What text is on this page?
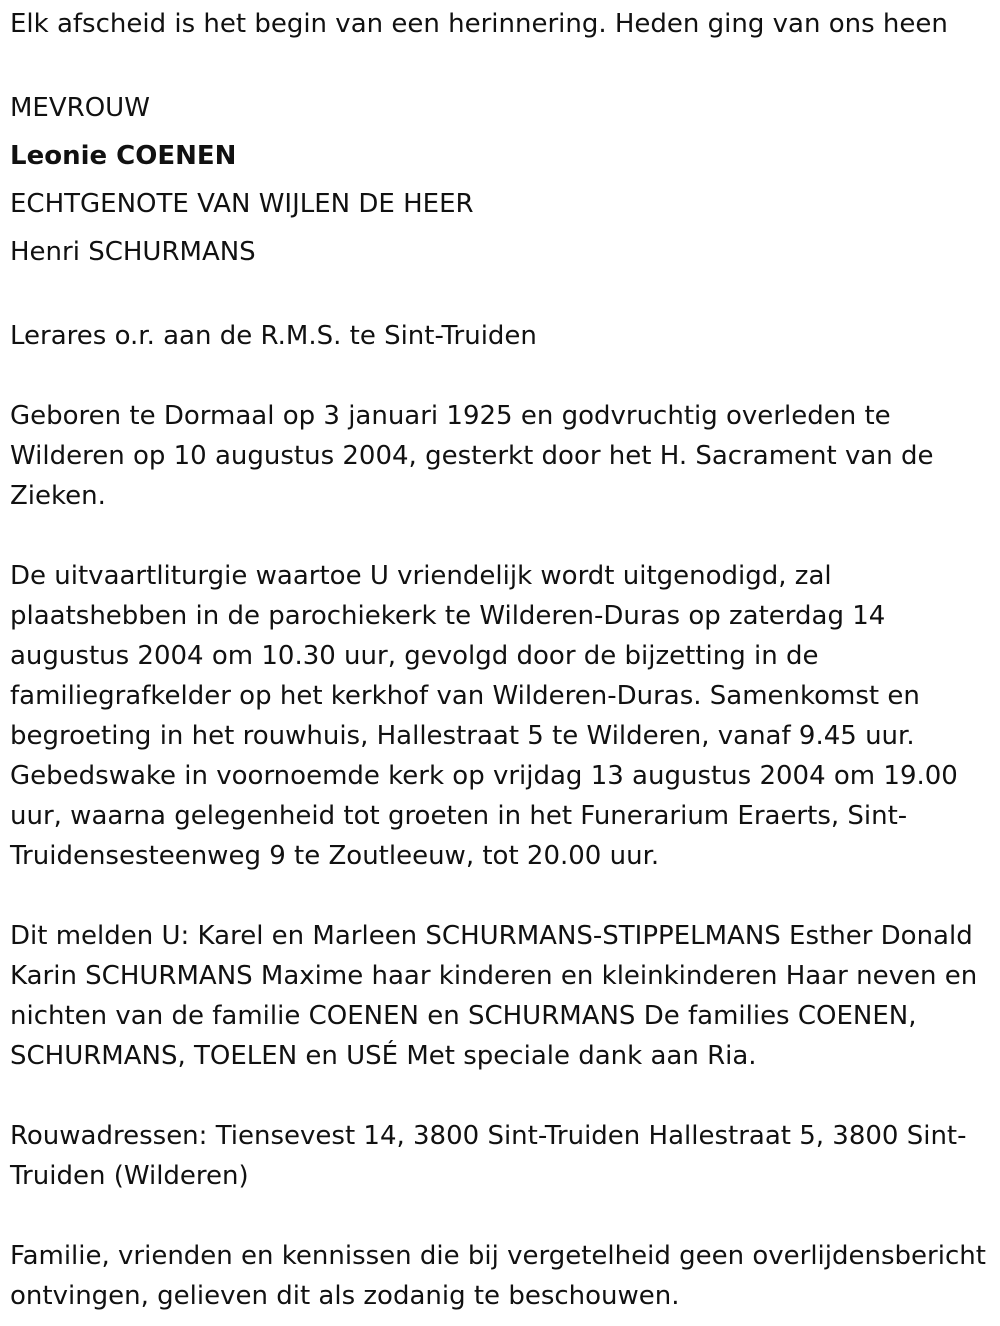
Elk afscheid is het begin van een herinnering. Heden ging van ons heen

MEVROUW

Leonie COENEN

ECHTGENOTE VAN WIJLEN DE HEER

Henri SCHURMANS

Lerares o.r. aan de R.M.S. te Sint-Truiden

Geboren te Dormaal op 3 januari 1925 en godvruchtig overleden te Wilderen op 10 augustus 2004, gesterkt door het H. Sacrament van de Zieken.

De uitvaartliturgie waartoe U vriendelijk wordt uitgenodigd, zal plaatshebben in de parochiekerk te Wilderen-Duras op zaterdag 14 augustus 2004 om 10.30 uur, gevolgd door de bijzetting in de familiegrafkelder op het kerkhof van Wilderen-Duras. Samenkomst en begroeting in het rouwhuis, Hallestraat 5 te Wilderen, vanaf 9.45 uur. Gebedswake in voornoemde kerk op vrijdag 13 augustus 2004 om 19.00 uur, waarna gelegenheid tot groeten in het Funerarium Eraerts, Sint-Truidensesteenweg 9 te Zoutleeuw, tot 20.00 uur.

Dit melden U: Karel en Marleen SCHURMANS-STIPPELMANS Esther Donald Karin SCHURMANS Maxime haar kinderen en kleinkinderen Haar neven en nichten van de familie COENEN en SCHURMANS De families COENEN, SCHURMANS, TOELEN en USÉ Met speciale dank aan Ria.

Rouwadressen: Tiensevest 14, 3800 Sint-Truiden Hallestraat 5, 3800 Sint-Truiden (Wilderen)

Familie, vrienden en kennissen die bij vergetelheid geen overlijdensbericht ontvingen, gelieven dit als zodanig te beschouwen.
